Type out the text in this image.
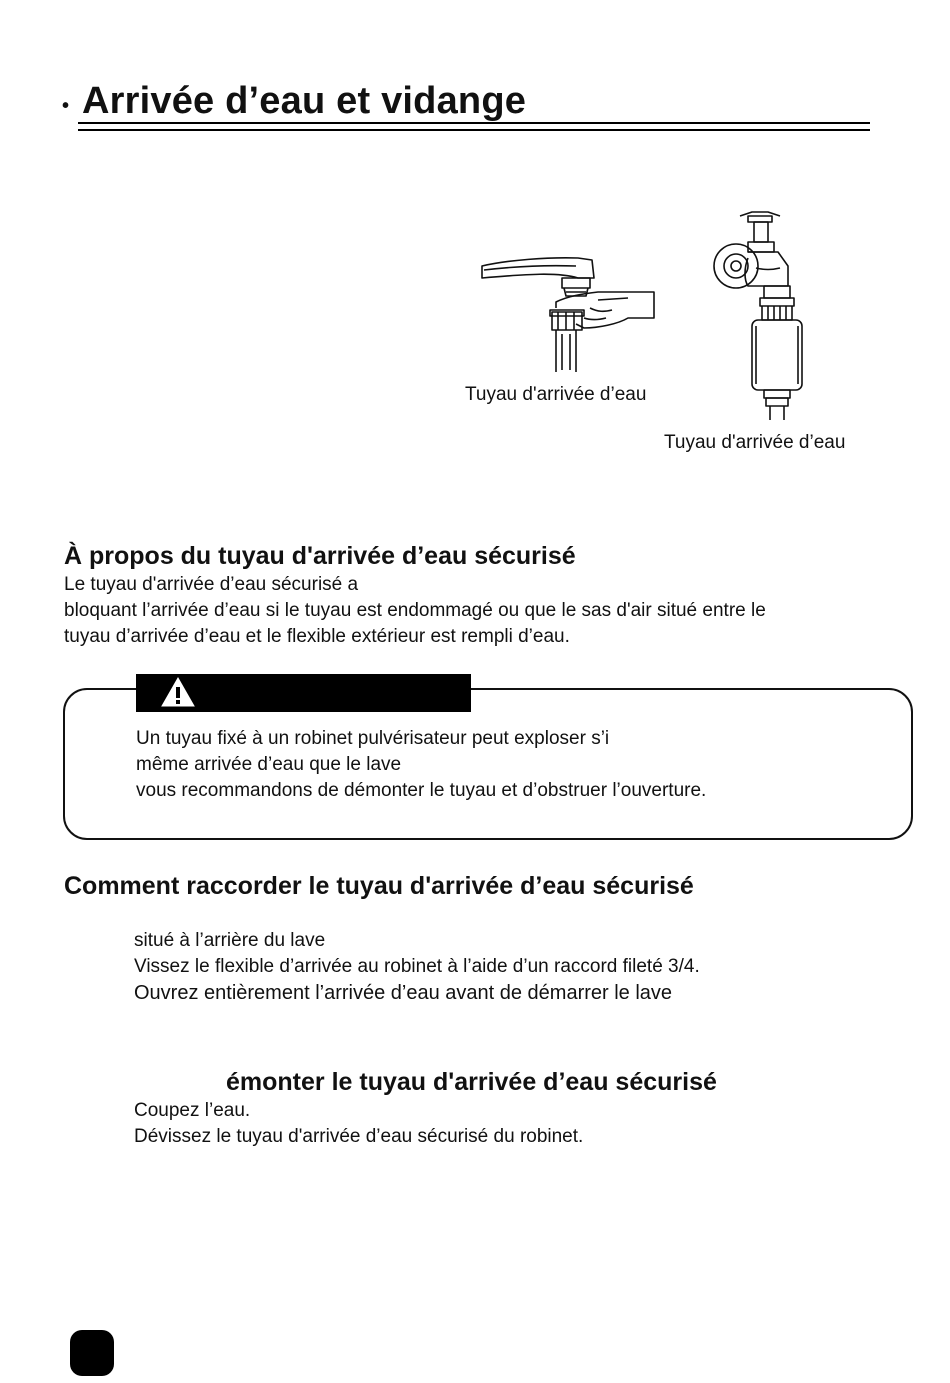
• Arrivée d’eau et vidange
Tuyau d'arrivée d’eau
Tuyau d'arrivée d’eau
À propos du tuyau d'arrivée d’eau sécurisé
Le tuyau d'arrivée d’eau sécurisé a
bloquant l’arrivée d’eau si le tuyau est endommagé ou que le sas d'air situé entre le
tuyau d’arrivée d’eau et le flexible extérieur est rempli d’eau.
Un tuyau fixé à un robinet pulvérisateur peut exploser s’i
même arrivée d’eau que le lave
vous recommandons de démonter le tuyau et d’obstruer l’ouverture.
Comment raccorder le tuyau d'arrivée d’eau sécurisé
situé à l’arrière du lave
Vissez le flexible d’arrivée au robinet à l’aide d’un raccord fileté 3/4.
Ouvrez entièrement l’arrivée d’eau avant de démarrer le lave
émonter le tuyau d'arrivée d’eau sécurisé
Coupez l’eau.
Dévissez le tuyau d'arrivée d’eau sécurisé du robinet.
